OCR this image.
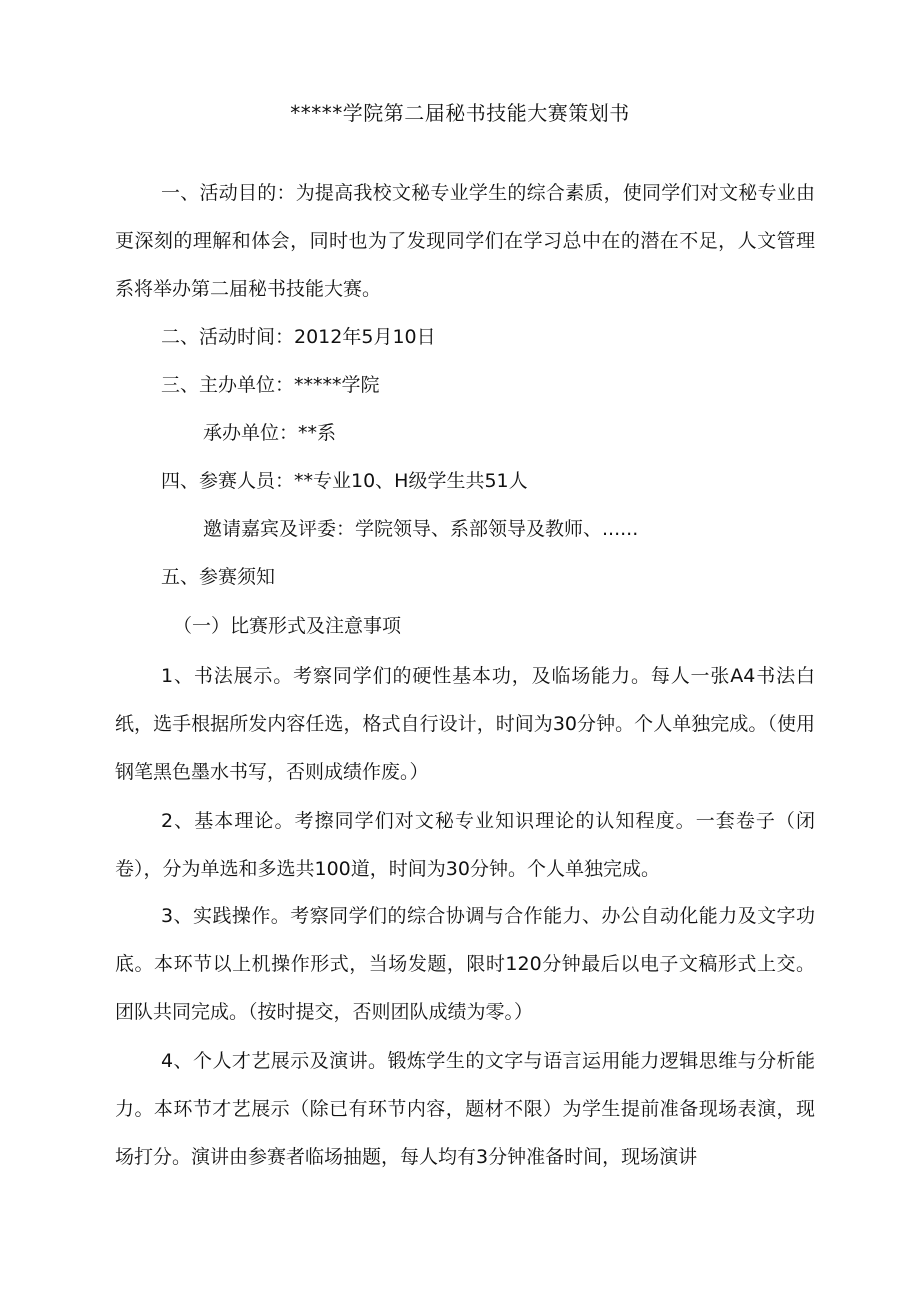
*****学院第二届秘书技能大赛策划书

一、活动目的：为提高我校文秘专业学生的综合素质，使同学们对文秘专业由更深刻的理解和体会，同时也为了发现同学们在学习总中在的潜在不足，人文管理系将举办第二届秘书技能大赛。

二、活动时间：2012年5月10日
三、主办单位：*****学院
承办单位：**系
四、参赛人员：**专业10、H级学生共51人
邀请嘉宾及评委：学院领导、系部领导及教师、......
五、参赛须知
（一）比赛形式及注意事项

1、书法展示。考察同学们的硬性基本功，及临场能力。每人一张A4书法白纸，选手根据所发内容任选，格式自行设计，时间为30分钟。个人单独完成。（使用钢笔黑色墨水书写，否则成绩作废。）

2、基本理论。考擦同学们对文秘专业知识理论的认知程度。一套卷子（闭卷），分为单选和多选共100道，时间为30分钟。个人单独完成。

3、实践操作。考察同学们的综合协调与合作能力、办公自动化能力及文字功底。本环节以上机操作形式，当场发题，限时120分钟最后以电子文稿形式上交。团队共同完成。（按时提交，否则团队成绩为零。）

4、个人才艺展示及演讲。锻炼学生的文字与语言运用能力逻辑思维与分析能力。本环节才艺展示（除已有环节内容，题材不限）为学生提前准备现场表演，现场打分。演讲由参赛者临场抽题，每人均有3分钟准备时间，现场演讲
